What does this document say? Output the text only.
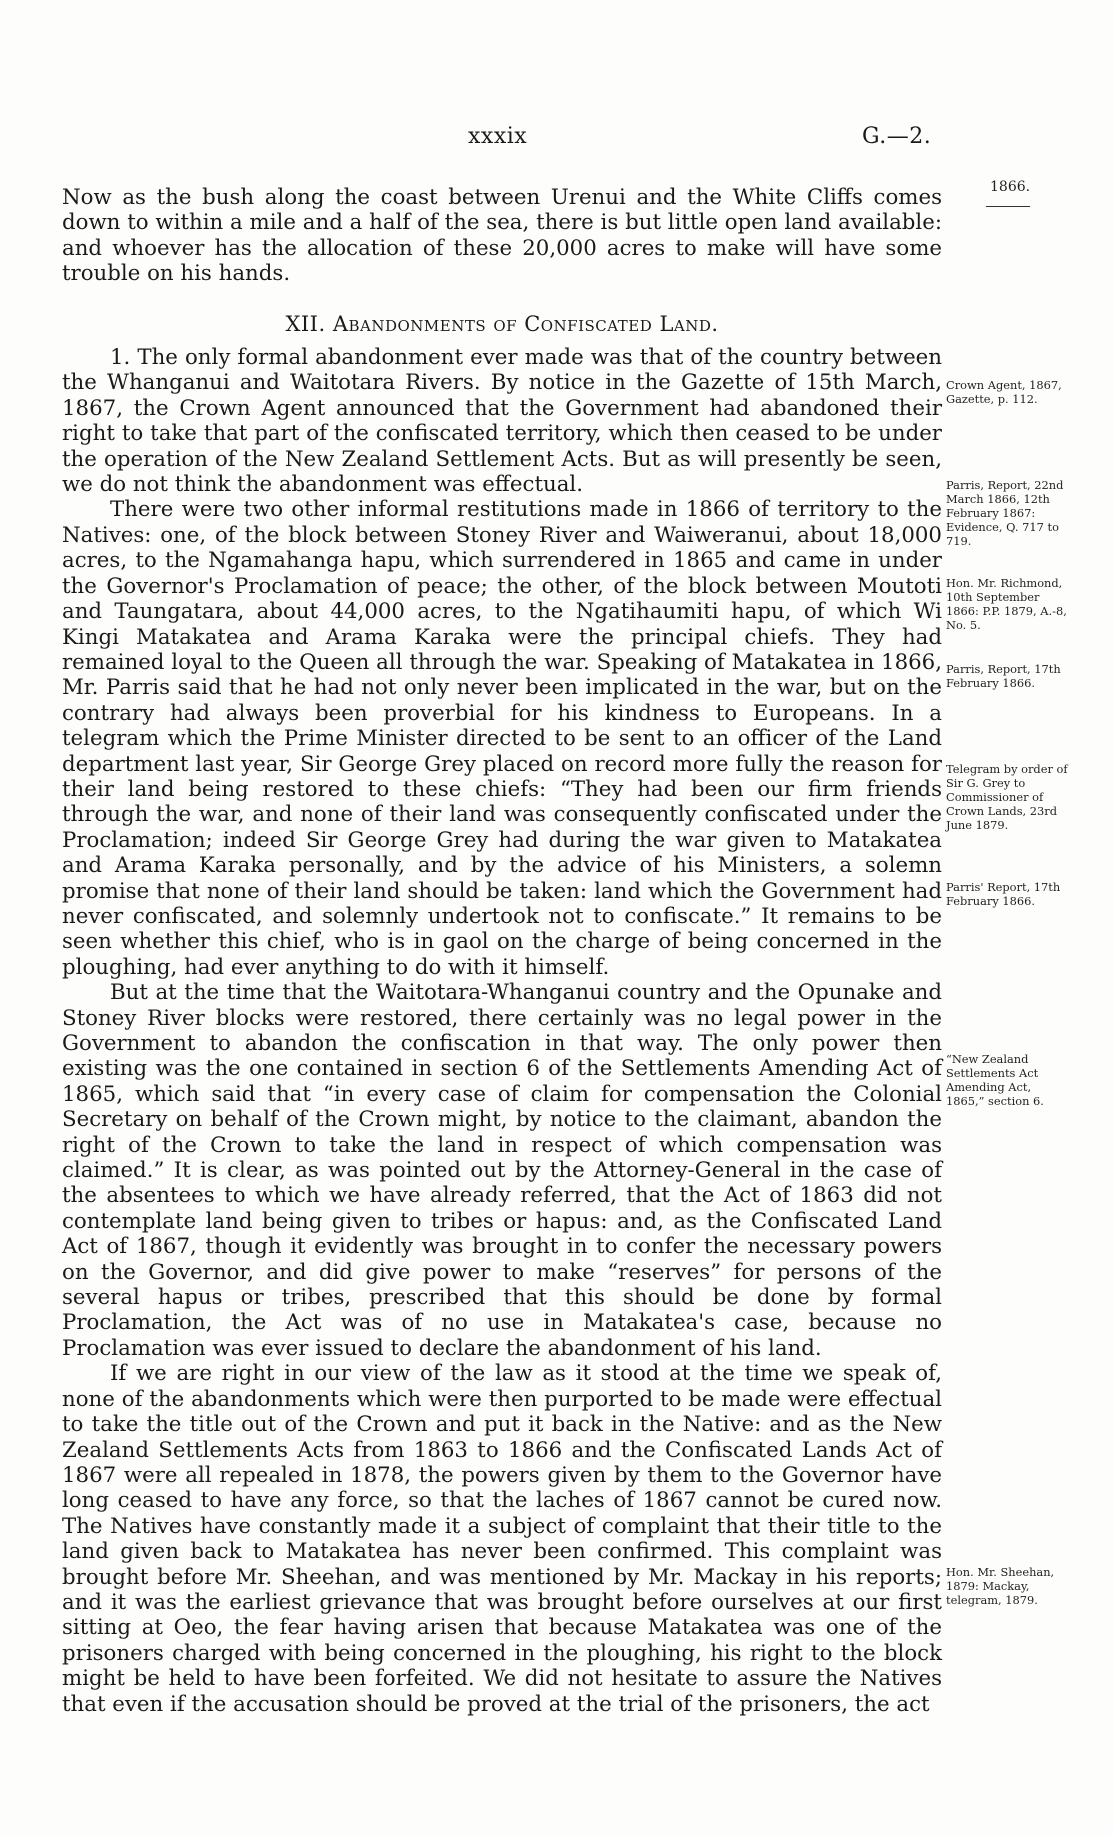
xxxix	G.—2.
1866.

Now as the bush along the coast between Urenui and the White Cliffs comes down to within a mile and a half of the sea, there is but little open land available: and whoever has the allocation of these 20,000 acres to make will have some trouble on his hands.

XII. Abandonments of Confiscated Land.

1. The only formal abandonment ever made was that of the country between the Whanganui and Waitotara Rivers. By notice in the Gazette of 15th March, 1867, the Crown Agent announced that the Government had abandoned their right to take that part of the confiscated territory, which then ceased to be under the operation of the New Zealand Settlement Acts. But as will presently be seen, we do not think the abandonment was effectual.

There were two other informal restitutions made in 1866 of territory to the Natives: one, of the block between Stoney River and Waiweranui, about 18,000 acres, to the Ngamahanga hapu, which surrendered in 1865 and came in under the Governor's Proclamation of peace; the other, of the block between Moutoti and Taungatara, about 44,000 acres, to the Ngatihaumiti hapu, of which Wi Kingi Matakatea and Arama Karaka were the principal chiefs. They had remained loyal to the Queen all through the war. Speaking of Matakatea in 1866, Mr. Parris said that he had not only never been implicated in the war, but on the contrary had always been proverbial for his kindness to Europeans. In a telegram which the Prime Minister directed to be sent to an officer of the Land department last year, Sir George Grey placed on record more fully the reason for their land being restored to these chiefs: “They had been our firm friends through the war, and none of their land was consequently confiscated under the Proclamation; indeed Sir George Grey had during the war given to Matakatea and Arama Karaka personally, and by the advice of his Ministers, a solemn promise that none of their land should be taken: land which the Government had never confiscated, and solemnly undertook not to confiscate.” It remains to be seen whether this chief, who is in gaol on the charge of being concerned in the ploughing, had ever anything to do with it himself.

But at the time that the Waitotara-Whanganui country and the Opunake and Stoney River blocks were restored, there certainly was no legal power in the Government to abandon the confiscation in that way. The only power then existing was the one contained in section 6 of the Settlements Amending Act of 1865, which said that “in every case of claim for compensation the Colonial Secretary on behalf of the Crown might, by notice to the claimant, abandon the right of the Crown to take the land in respect of which compensation was claimed.” It is clear, as was pointed out by the Attorney-General in the case of the absentees to which we have already referred, that the Act of 1863 did not contemplate land being given to tribes or hapus: and, as the Confiscated Land Act of 1867, though it evidently was brought in to confer the necessary powers on the Governor, and did give power to make “reserves” for persons of the several hapus or tribes, prescribed that this should be done by formal Proclamation, the Act was of no use in Matakatea's case, because no Proclamation was ever issued to declare the abandonment of his land.

If we are right in our view of the law as it stood at the time we speak of, none of the abandonments which were then purported to be made were effectual to take the title out of the Crown and put it back in the Native: and as the New Zealand Settlements Acts from 1863 to 1866 and the Confiscated Lands Act of 1867 were all repealed in 1878, the powers given by them to the Governor have long ceased to have any force, so that the laches of 1867 cannot be cured now. The Natives have constantly made it a subject of complaint that their title to the land given back to Matakatea has never been confirmed. This complaint was brought before Mr. Sheehan, and was mentioned by Mr. Mackay in his reports; and it was the earliest grievance that was brought before ourselves at our first sitting at Oeo, the fear having arisen that because Matakatea was one of the prisoners charged with being concerned in the ploughing, his right to the block might be held to have been forfeited. We did not hesitate to assure the Natives that even if the accusation should be proved at the trial of the prisoners, the act

Crown Agent, 1867, Gazette, p. 112.
Parris, Report, 22nd March 1866, 12th February 1867: Evidence, Q. 717 to 719.
Hon. Mr. Richmond, 10th September 1866: P.P. 1879, A.-8, No. 5.
Parris, Report, 17th February 1866.
Telegram by order of Sir G. Grey to Commissioner of Crown Lands, 23rd June 1879.
Parris' Report, 17th February 1866.
“New Zealand Settlements Act Amending Act, 1865,” section 6.
Hon. Mr. Sheehan, 1879: Mackay, telegram, 1879.
